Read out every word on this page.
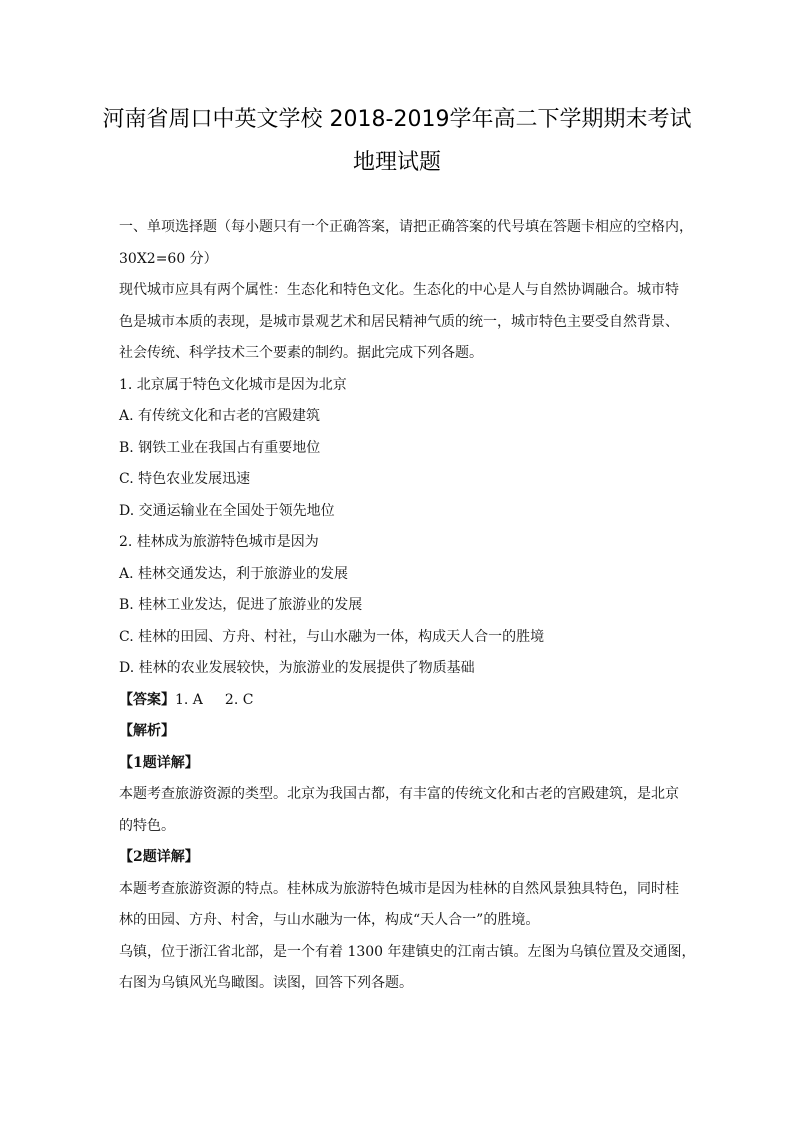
河南省周口中英文学校 2018-2019学年高二下学期期末考试
地理试题
一、单项选择题（每小题只有一个正确答案，请把正确答案的代号填在答题卡相应的空格内，
30X2=60 分）
现代城市应具有两个属性：生态化和特色文化。生态化的中心是人与自然协调融合。城市特
色是城市本质的表现，是城市景观艺术和居民精神气质的统一，城市特色主要受自然背景、
社会传统、科学技术三个要素的制约。据此完成下列各题。
1. 北京属于特色文化城市是因为北京
A. 有传统文化和古老的宫殿建筑
B. 钢铁工业在我国占有重要地位
C. 特色农业发展迅速
D. 交通运输业在全国处于领先地位
2. 桂林成为旅游特色城市是因为
A. 桂林交通发达，利于旅游业的发展
B. 桂林工业发达，促进了旅游业的发展
C. 桂林的田园、方舟、村社，与山水融为一体，构成天人合一的胜境
D. 桂林的农业发展较快，为旅游业的发展提供了物质基础
【答案】1. A 2. C
【解析】
【1题详解】
本题考查旅游资源的类型。北京为我国古都，有丰富的传统文化和古老的宫殿建筑，是北京
的特色。
【2题详解】
本题考查旅游资源的特点。桂林成为旅游特色城市是因为桂林的自然风景独具特色，同时桂
林的田园、方舟、村舍，与山水融为一体，构成“天人合一”的胜境。
乌镇，位于浙江省北部，是一个有着 1300 年建镇史的江南古镇。左图为乌镇位置及交通图，
右图为乌镇风光鸟瞰图。读图，回答下列各题。
